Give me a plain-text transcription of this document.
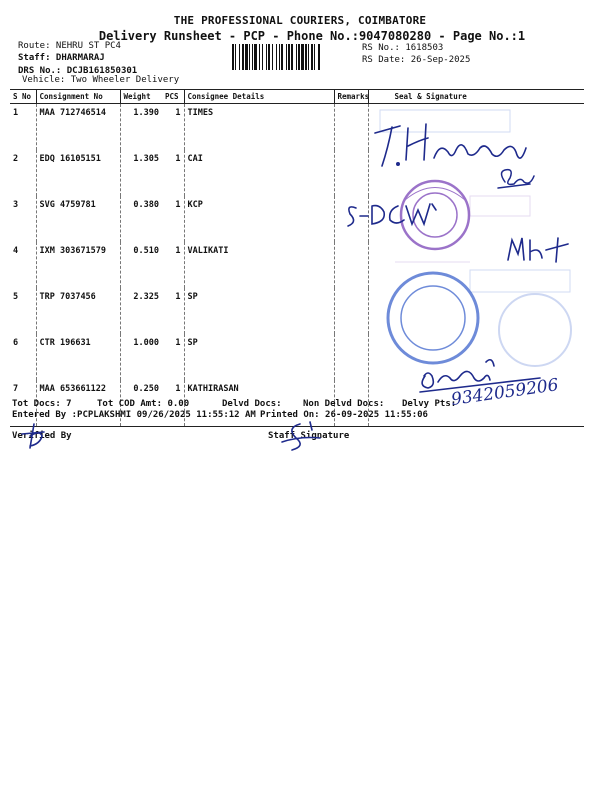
THE PROFESSIONAL COURIERS, COIMBATORE
Delivery Runsheet - PCP - Phone No.:9047080280 - Page No.:1
Route: NEHRU ST PC4
Staff: DHARMARAJ
DRS No.: DCJB161850301
Vehicle: Two Wheeler Delivery
RS No.: 1618503
RS Date: 26-Sep-2025
S No	Consignment No	Weight	PCS	Consignee Details	Remarks	Seal & Signature
1	MAA 712746514	1.390	1	TIMES		
2	EDQ 16105151	1.305	1	CAI		
3	SVG 4759781	0.380	1	KCP		
4	IXM 303671579	0.510	1	VALIKATI		
5	TRP 7037456	2.325	1	SP		
6	CTR 196631	1.000	1	SP		
7	MAA 653661122	0.250	1	KATHIRASAN		
Tot Docs: 7	Tot COD Amt: 0.00	Delvd Docs: Non Delvd Docs: Delvy Pts:
Entered By :PCPLAKSHMI 09/26/2025 11:55:12 AM Printed On: 26-09-2025 11:55:06
Verified By	Staff Signature
9342059206
